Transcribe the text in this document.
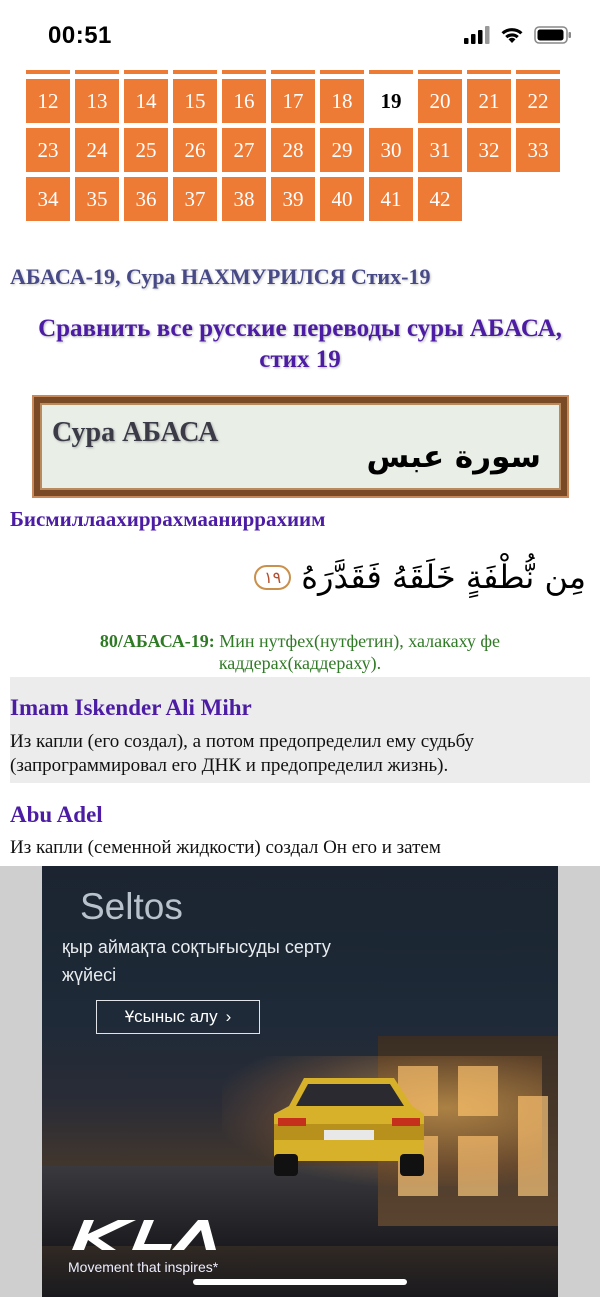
00:51
12	13	14	15	16	17	18	19	20	21	22
23	24	25	26	27	28	29	30	31	32	33
34	35	36	37	38	39	40	41	42
АБАСА-19, Сура НАХМУРИЛСЯ Стих-19
Сравнить все русские переводы суры АБАСА, стих 19
Сура АБАСА
سورة عبس
Бисмиллаахиррахмааниррахиим
مِن نُّطْفَةٍ خَلَقَهُ فَقَدَّرَهُ
١٩
80/АБАСА-19: Мин нутфех(нутфетин), халакаху фе каддерах(каддераху).
Imam Iskender Ali Mihr
Из капли (его создал), а потом предопределил ему судьбу (запрограммировал его ДНК и предопределил жизнь).
Abu Adel
Из капли (семенной жидкости) создал Он его и затем
Seltos
қыр аймақта соқтығысуды серту жүйесі
Ұсыныс алу ›
Movement that inspires*
